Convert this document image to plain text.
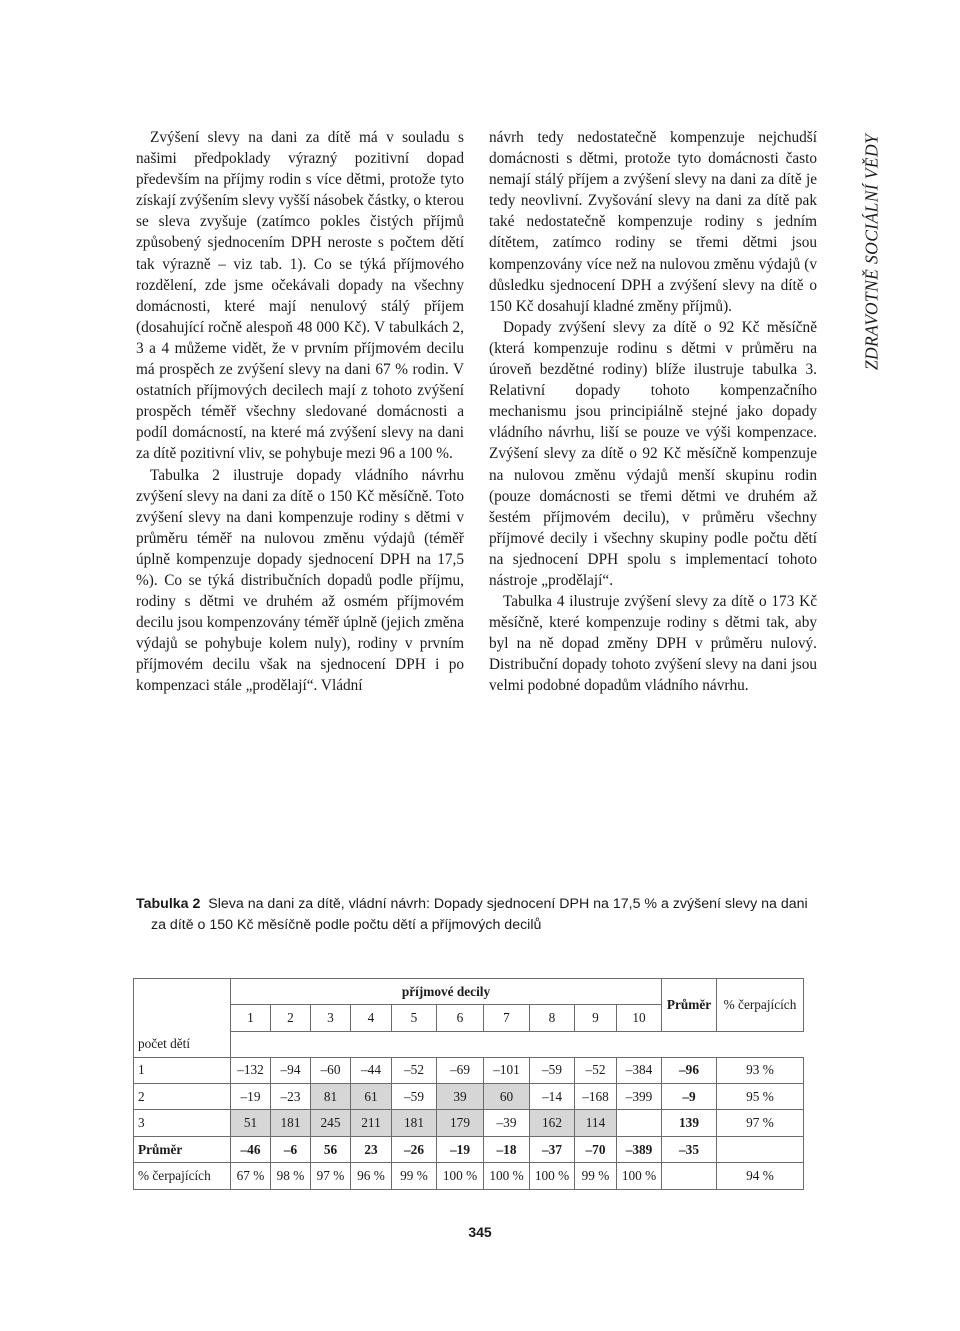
Zvýšení slevy na dani za dítě má v souladu s našimi předpoklady výrazný pozitivní dopad především na příjmy rodin s více dětmi, protože tyto získají zvýšením slevy vyšší násobek částky, o kterou se sleva zvyšuje (zatímco pokles čistých příjmů způsobený sjednocením DPH neroste s počtem dětí tak výrazně – viz tab. 1). Co se týká příjmového rozdělení, zde jsme očekávali dopady na všechny domácnosti, které mají nenulový stálý příjem (dosahující ročně alespoň 48 000 Kč). V tabulkách 2, 3 a 4 můžeme vidět, že v prvním příjmovém decilu má prospěch ze zvýšení slevy na dani 67 % rodin. V ostatních příjmových decilech mají z tohoto zvýšení prospěch téměř všechny sledované domácnosti a podíl domácností, na které má zvýšení slevy na dani za dítě pozitivní vliv, se pohybuje mezi 96 a 100 %.

Tabulka 2 ilustruje dopady vládního návrhu zvýšení slevy na dani za dítě o 150 Kč měsíčně. Toto zvýšení slevy na dani kompenzuje rodiny s dětmi v průměru téměř na nulovou změnu výdajů (téměř úplně kompenzuje dopady sjednocení DPH na 17,5 %). Co se týká distribučních dopadů podle příjmu, rodiny s dětmi ve druhém až osmém příjmovém decilu jsou kompenzovány téměř úplně (jejich změna výdajů se pohybuje kolem nuly), rodiny v prvním příjmovém decilu však na sjednocení DPH i po kompenzaci stále „prodělají“. Vládní

návrh tedy nedostatečně kompenzuje nejchudší domácnosti s dětmi, protože tyto domácnosti často nemají stálý příjem a zvýšení slevy na dani za dítě je tedy neovlivní. Zvyšování slevy na dani za dítě pak také nedostatečně kompenzuje rodiny s jedním dítětem, zatímco rodiny se třemi dětmi jsou kompenzovány více než na nulovou změnu výdajů (v důsledku sjednocení DPH a zvýšení slevy na dítě o 150 Kč dosahují kladné změny příjmů).

Dopady zvýšení slevy za dítě o 92 Kč měsíčně (která kompenzuje rodinu s dětmi v průměru na úroveň bezdětné rodiny) blíže ilustruje tabulka 3. Relativní dopady tohoto kompenzačního mechanismu jsou principiálně stejné jako dopady vládního návrhu, liší se pouze ve výši kompenzace. Zvýšení slevy za dítě o 92 Kč měsíčně kompenzuje na nulovou změnu výdajů menší skupinu rodin (pouze domácnosti se třemi dětmi ve druhém až šestém příjmovém decilu), v průměru všechny příjmové decily i všechny skupiny podle počtu dětí na sjednocení DPH spolu s implementací tohoto nástroje „prodělají“.

Tabulka 4 ilustruje zvýšení slevy za dítě o 173 Kč měsíčně, které kompenzuje rodiny s dětmi tak, aby byl na ně dopad změny DPH v průměru nulový. Distribuční dopady tohoto zvýšení slevy na dani jsou velmi podobné dopadům vládního návrhu.

ZDRAVOTNĚ SOCIÁLNÍ VĚDY
Tabulka 2 Sleva na dani za dítě, vládní návrh: Dopady sjednocení DPH na 17,5 % a zvýšení slevy na dani za dítě o 150 Kč měsíčně podle počtu dětí a příjmových decilů
	příjmové decily										Průměr	% čerpajících
	1	2	3	4	5	6	7	8	9	10		
počet dětí												
1	–132	–94	–60	–44	–52	–69	–101	–59	–52	–384	–96	93 %
2	–19	–23	81	61	–59	39	60	–14	–168	–399	–9	95 %
3	51	181	245	211	181	179	–39	162	114		139	97 %
Průměr	–46	–6	56	23	–26	–19	–18	–37	–70	–389	–35	
% čerpajících	67 %	98 %	97 %	96 %	99 %	100 %	100 %	100 %	99 %	100 %		94 %
345
